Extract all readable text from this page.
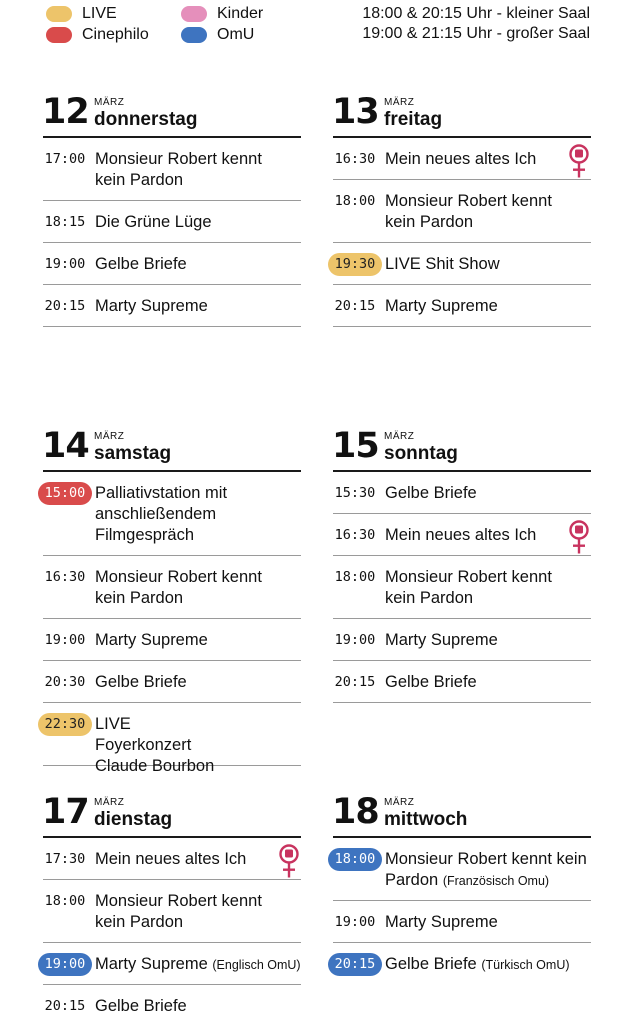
LIVE
Cinephilo
Kinder
OmU
18:00 & 20:15 Uhr - kleiner Saal
19:00 & 21:15 Uhr - großer Saal
12 MÄRZ
donnerstag
17:00 Monsieur Robert kennt kein Pardon
18:15 Die Grüne Lüge
19:00 Gelbe Briefe
20:15 Marty Supreme
13 MÄRZ
freitag
16:30 Mein neues altes Ich
18:00 Monsieur Robert kennt kein Pardon
19:30 LIVE Shit Show
20:15 Marty Supreme
14 MÄRZ
samstag
15:00 Palliativstation mit anschließendem Filmgespräch
16:30 Monsieur Robert kennt kein Pardon
19:00 Marty Supreme
20:30 Gelbe Briefe
22:30 LIVE Foyerkonzert Claude Bourbon
15 MÄRZ
sonntag
15:30 Gelbe Briefe
16:30 Mein neues altes Ich
18:00 Monsieur Robert kennt kein Pardon
19:00 Marty Supreme
20:15 Gelbe Briefe
17 MÄRZ
dienstag
17:30 Mein neues altes Ich
18:00 Monsieur Robert kennt kein Pardon
19:00 Marty Supreme (Englisch OmU)
20:15 Gelbe Briefe
18 MÄRZ
mittwoch
18:00 Monsieur Robert kennt kein Pardon (Französisch Omu)
19:00 Marty Supreme
20:15 Gelbe Briefe (Türkisch OmU)
